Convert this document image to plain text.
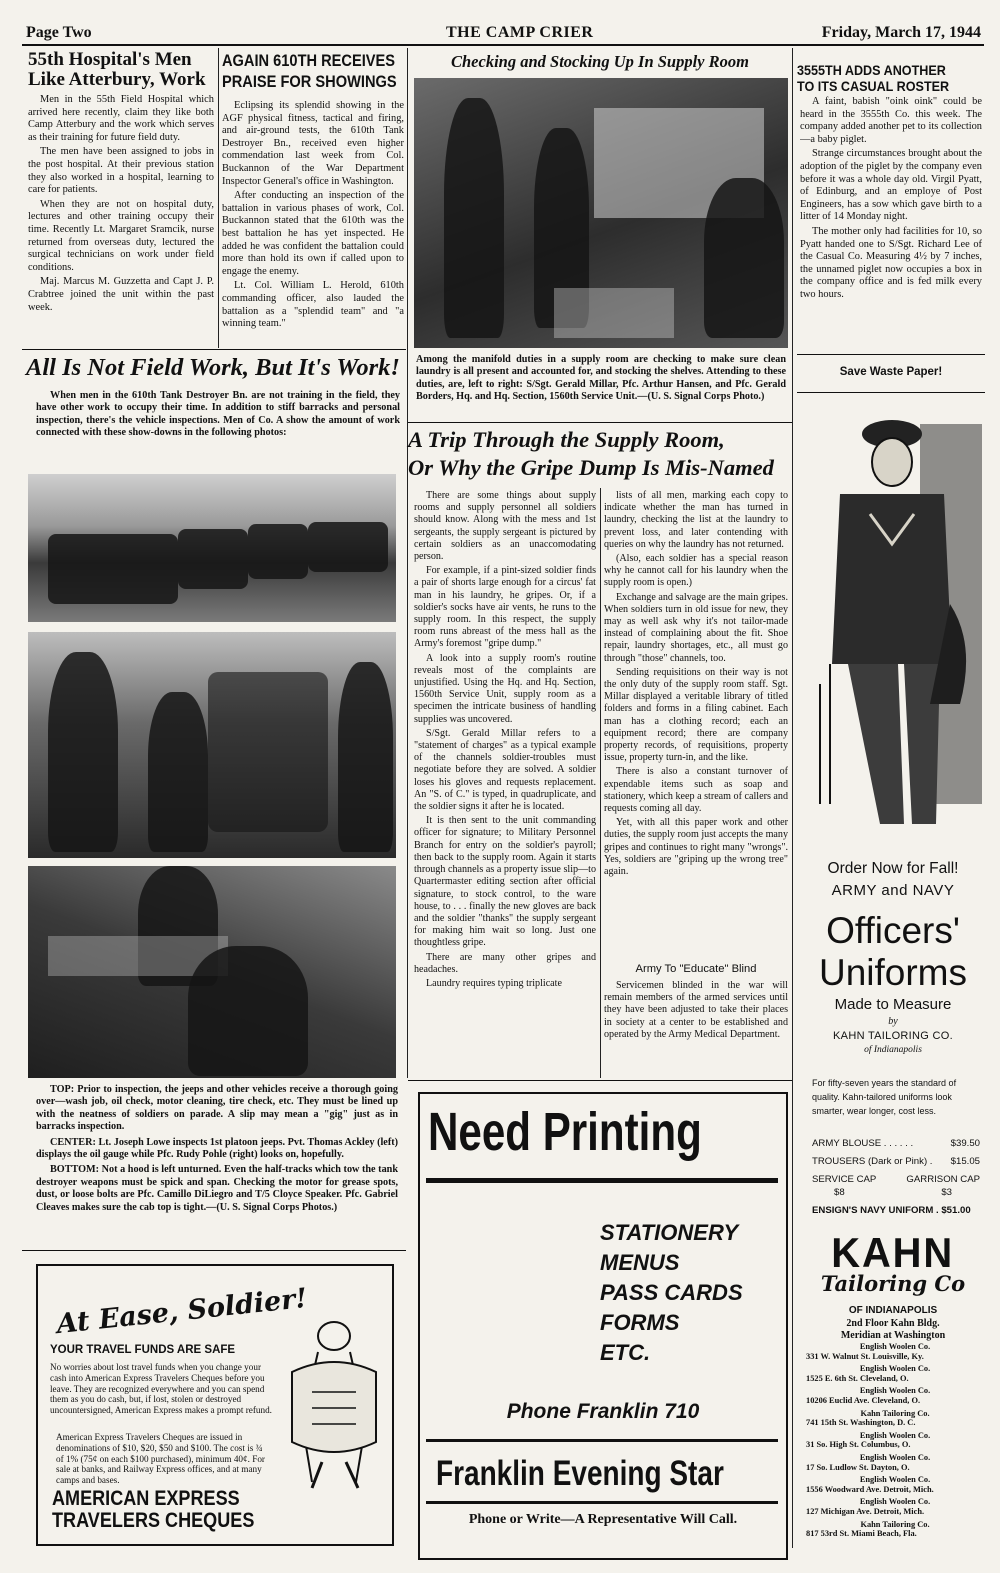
Page Two	THE CAMP CRIER	Friday, March 17, 1944
55th Hospital's Men
Like Atterbury, Work

Men in the 55th Field Hospital which arrived here recently, claim they like both Camp Atterbury and the work which serves as their training for future field duty.

The men have been assigned to jobs in the post hospital. At their previous station they also worked in a hospital, learning to care for patients.

When they are not on hospital duty, lectures and other training occupy their time. Recently Lt. Margaret Sramcik, nurse returned from overseas duty, lectured the surgical technicians on work under field conditions.

Maj. Marcus M. Guzzetta and Capt J. P. Crabtree joined the unit within the past week.

AGAIN 610TH RECEIVES
PRAISE FOR SHOWINGS

Eclipsing its splendid showing in the AGF physical fitness, tactical and firing, and air-ground tests, the 610th Tank Destroyer Bn., received even higher commendation last week from Col. Buckannon of the War Department Inspector General's office in Washington.

After conducting an inspection of the battalion in various phases of work, Col. Buckannon stated that the 610th was the best battalion he has yet inspected. He added he was confident the battalion could more than hold its own if called upon to engage the enemy.

Lt. Col. William L. Herold, 610th commanding officer, also lauded the battalion as a "splendid team" and "a winning team."

Checking and Stocking Up In Supply Room
Among the manifold duties in a supply room are checking to make sure clean laundry is all present and accounted for, and stocking the shelves. Attending to these duties, are, left to right: S/Sgt. Gerald Millar, Pfc. Arthur Hansen, and Pfc. Gerald Borders, Hq. and Hq. Section, 1560th Service Unit.—(U. S. Signal Corps Photo.)
3555TH ADDS ANOTHER
TO ITS CASUAL ROSTER

A faint, babish "oink oink" could be heard in the 3555th Co. this week. The company added another pet to its collection—a baby piglet.

Strange circumstances brought about the adoption of the piglet by the company even before it was a whole day old. Virgil Pyatt, of Edinburg, and an employe of Post Engineers, has a sow which gave birth to a litter of 14 Monday night.

The mother only had facilities for 10, so Pyatt handed one to S/Sgt. Richard Lee of the Casual Co. Measuring 4½ by 7 inches, the unnamed piglet now occupies a box in the company office and is fed milk every two hours.

Save Waste Paper!
All Is Not Field Work, But It's Work!

When men in the 610th Tank Destroyer Bn. are not training in the field, they have other work to occupy their time. In addition to stiff barracks and personal inspection, there's the vehicle inspections. Men of Co. A show the amount of work connected with these show-downs in the following photos:

TOP: Prior to inspection, the jeeps and other vehicles receive a thorough going over—wash job, oil check, motor cleaning, tire check, etc. They must be lined up with the neatness of soldiers on parade. A slip may mean a "gig" just as in barracks inspection.

CENTER: Lt. Joseph Lowe inspects 1st platoon jeeps. Pvt. Thomas Ackley (left) displays the oil gauge while Pfc. Rudy Pohle (right) looks on, hopefully.

BOTTOM: Not a hood is left unturned. Even the half-tracks which tow the tank destroyer weapons must be spick and span. Checking the motor for grease spots, dust, or loose bolts are Pfc. Camillo DiLiegro and T/5 Cloyce Speaker. Pfc. Gabriel Cleaves makes sure the cab top is tight.—(U. S. Signal Corps Photos.)

A Trip Through the Supply Room,
Or Why the Gripe Dump Is Mis-Named

There are some things about supply rooms and supply personnel all soldiers should know. Along with the mess and 1st sergeants, the supply sergeant is pictured by certain soldiers as an unaccomodating person.

For example, if a pint-sized soldier finds a pair of shorts large enough for a circus' fat man in his laundry, he gripes. Or, if a soldier's socks have air vents, he runs to the supply room. In this respect, the supply room runs abreast of the mess hall as the Army's foremost "gripe dump."

A look into a supply room's routine reveals most of the complaints are unjustified. Using the Hq. and Hq. Section, 1560th Service Unit, supply room as a specimen the intricate business of handling supplies was uncovered.

S/Sgt. Gerald Millar refers to a "statement of charges" as a typical example of the channels soldier-troubles must negotiate before they are solved. A soldier loses his gloves and requests replacement. An "S. of C." is typed, in quadruplicate, and the soldier signs it after he is located.

It is then sent to the unit commanding officer for signature; to Military Personnel Branch for entry on the soldier's payroll; then back to the supply room. Again it starts through channels as a property issue slip—to Quartermaster editing section after official signature, to stock control, to the ware house, to . . . finally the new gloves are back and the soldier "thanks" the supply sergeant for making him wait so long. Just one thoughtless gripe.

There are many other gripes and headaches.

Laundry requires typing triplicate

lists of all men, marking each copy to indicate whether the man has turned in laundry, checking the list at the laundry to prevent loss, and later contending with queries on why the laundry has not returned.

(Also, each soldier has a special reason why he cannot call for his laundry when the supply room is open.)

Exchange and salvage are the main gripes. When soldiers turn in old issue for new, they may as well ask why it's not tailor-made instead of complaining about the fit. Shoe repair, laundry shortages, etc., all must go through "those" channels, too.

Sending requisitions on their way is not the only duty of the supply room staff. Sgt. Millar displayed a veritable library of titled folders and forms in a filing cabinet. Each man has a clothing record; each an equipment record; there are company property records, of requisitions, property issue, property turn-in, and the like.

There is also a constant turnover of expendable items such as soap and stationery, which keep a stream of callers and requests coming all day.

Yet, with all this paper work and other duties, the supply room just accepts the many gripes and continues to right many "wrongs". Yes, soldiers are "griping up the wrong tree" again.

Army To "Educate" Blind

Servicemen blinded in the war will remain members of the armed services until they have been adjusted to take their places in society at a center to be established and operated by the Army Medical Department.

Need Printing
STATIONERY
MENUS
PASS CARDS
FORMS
ETC.
Phone Franklin 710
Franklin Evening Star
Phone or Write—A Representative Will Call.
At Ease, Soldier!
YOUR TRAVEL FUNDS ARE SAFE
No worries about lost travel funds when you change your cash into American Express Travelers Cheques before you leave. They are recognized everywhere and you can spend them as you do cash, but, if lost, stolen or destroyed uncountersigned, American Express makes a prompt refund.
American Express Travelers Cheques are issued in denominations of $10, $20, $50 and $100. The cost is ¾ of 1% (75¢ on each $100 purchased), minimum 40¢. For sale at banks, and Railway Express offices, and at many camps and bases.
AMERICAN EXPRESS
TRAVELERS CHEQUES
Order Now for Fall!
ARMY and NAVY
Officers'
Uniforms
Made to Measure
by
KAHN TAILORING CO.
of Indianapolis
For fifty-seven years the standard of quality. Kahn-tailored uniforms look smarter, wear longer, cost less.
ARMY BLOUSE . . . . . .	$39.50
TROUSERS (Dark or Pink) . $15.05
SERVICE CAP	GARRISON CAP
$8	$3
ENSIGN'S NAVY UNIFORM . $51.00
KAHN
Tailoring Co
OF INDIANAPOLIS
2nd Floor Kahn Bldg.
Meridian at Washington
English Woolen Co.
331 W. Walnut St. Louisville, Ky.
English Woolen Co.
1525 E. 6th St. Cleveland, O.
English Woolen Co.
10206 Euclid Ave. Cleveland, O.
Kahn Tailoring Co.
741 15th St. Washington, D. C.
English Woolen Co.
31 So. High St. Columbus, O.
English Woolen Co.
17 So. Ludlow St. Dayton, O.
English Woolen Co.
1556 Woodward Ave. Detroit, Mich.
English Woolen Co.
127 Michigan Ave. Detroit, Mich.
Kahn Tailoring Co.
817 53rd St. Miami Beach, Fla.
